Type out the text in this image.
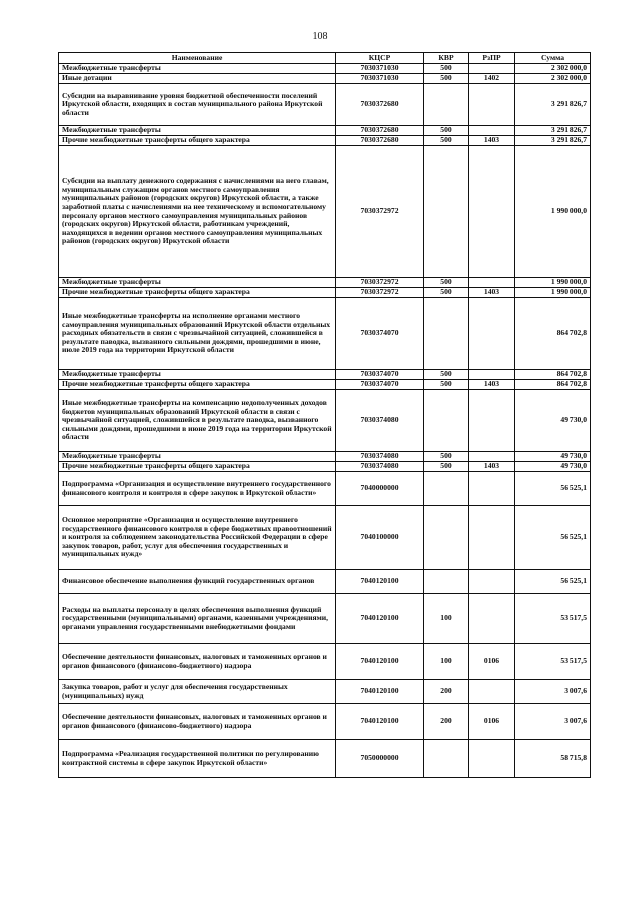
108
Наименование	КЦСР	КВР	РзПР	Сумма
Межбюджетные трансферты	7030371030	500		2 302 000,0
Иные дотации	7030371030	500	1402	2 302 000,0
Субсидии на выравнивание уровня бюджетной обеспеченности поселений Иркутской области, входящих в состав муниципального района Иркутской области	7030372680			3 291 826,7
Межбюджетные трансферты	7030372680	500		3 291 826,7
Прочие межбюджетные трансферты общего характера	7030372680	500	1403	3 291 826,7
Субсидии на выплату денежного содержания с начислениями на него главам, муниципальным служащим органов местного самоуправления муниципальных районов (городских округов) Иркутской области, а также заработной платы с начислениями на нее техническому и вспомогательному персоналу органов местного самоуправления муниципальных районов (городских округов) Иркутской области, работникам учреждений, находящихся в ведении органов местного самоуправления муниципальных районов (городских округов) Иркутской области	7030372972			1 990 000,0
Межбюджетные трансферты	7030372972	500		1 990 000,0
Прочие межбюджетные трансферты общего характера	7030372972	500	1403	1 990 000,0
Иные межбюджетные трансферты на исполнение органами местного самоуправления муниципальных образований Иркутской области отдельных расходных обязательств в связи с чрезвычайной ситуацией, сложившейся в результате паводка, вызванного сильными дождями, прошедшими в июне, июле 2019 года на территории Иркутской области	7030374070			864 702,8
Межбюджетные трансферты	7030374070	500		864 702,8
Прочие межбюджетные трансферты общего характера	7030374070	500	1403	864 702,8
Иные межбюджетные трансферты на компенсацию недополученных доходов бюджетов муниципальных образований Иркутской области в связи с чрезвычайной ситуацией, сложившейся в результате паводка, вызванного сильными дождями, прошедшими в июне 2019 года на территории Иркутской области	7030374080			49 730,0
Межбюджетные трансферты	7030374080	500		49 730,0
Прочие межбюджетные трансферты общего характера	7030374080	500	1403	49 730,0
Подпрограмма «Организация и осуществление внутреннего государственного финансового контроля и контроля в сфере закупок в Иркутской области»	7040000000			56 525,1
Основное мероприятие «Организация и осуществление внутреннего государственного финансового контроля в сфере бюджетных правоотношений и контроля за соблюдением законодательства Российской Федерации в сфере закупок товаров, работ, услуг для обеспечения государственных и муниципальных нужд»	7040100000			56 525,1
Финансовое обеспечение выполнения функций государственных органов	7040120100			56 525,1
Расходы на выплаты персоналу в целях обеспечения выполнения функций государственными (муниципальными) органами, казенными учреждениями, органами управления государственными внебюджетными фондами	7040120100	100		53 517,5
Обеспечение деятельности финансовых, налоговых и таможенных органов и органов финансового (финансово-бюджетного) надзора	7040120100	100	0106	53 517,5
Закупка товаров, работ и услуг для обеспечения государственных (муниципальных) нужд	7040120100	200		3 007,6
Обеспечение деятельности финансовых, налоговых и таможенных органов и органов финансового (финансово-бюджетного) надзора	7040120100	200	0106	3 007,6
Подпрограмма «Реализация государственной политики по регулированию контрактной системы в сфере закупок Иркутской области»	7050000000			58 715,8
